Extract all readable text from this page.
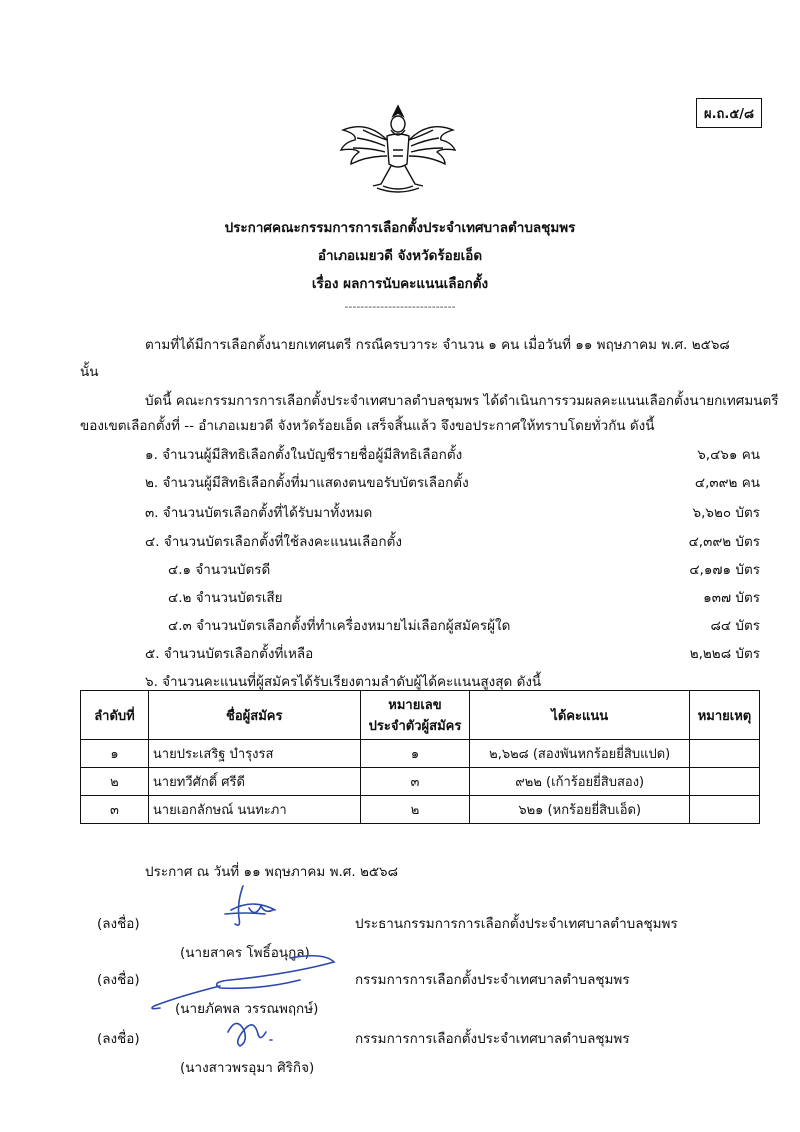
ผ.ถ.๕/๘
ประกาศคณะกรรมการการเลือกตั้งประจำเทศบาลตำบลชุมพร
อำเภอเมยวดี จังหวัดร้อยเอ็ด
เรื่อง ผลการนับคะแนนเลือกตั้ง
----------------------------
ตามที่ได้มีการเลือกตั้งนายกเทศนตรี กรณีครบวาระ จำนวน ๑ คน เมื่อวันที่ ๑๑ พฤษภาคม พ.ศ. ๒๕๖๘
นั้น
บัดนี้ คณะกรรมการการเลือกตั้งประจำเทศบาลตำบลชุมพร ได้ดำเนินการรวมผลคะแนนเลือกตั้งนายกเทศมนตรี
ของเขตเลือกตั้งที่ -- อำเภอเมยวดี จังหวัดร้อยเอ็ด เสร็จสิ้นแล้ว จึงขอประกาศให้ทราบโดยทั่วกัน ดังนี้
๑. จำนวนผู้มีสิทธิเลือกตั้งในบัญชีรายชื่อผู้มีสิทธิเลือกตั้ง	๖,๔๖๑ คน
๒. จำนวนผู้มีสิทธิเลือกตั้งที่มาแสดงตนขอรับบัตรเลือกตั้ง	๔,๓๙๒ คน
๓. จำนวนบัตรเลือกตั้งที่ได้รับมาทั้งหมด	๖,๖๒๐ บัตร
๔. จำนวนบัตรเลือกตั้งที่ใช้ลงคะแนนเลือกตั้ง	๔,๓๙๒ บัตร
๔.๑ จำนวนบัตรดี	๔,๑๗๑ บัตร
๔.๒ จำนวนบัตรเสีย	๑๓๗ บัตร
๔.๓ จำนวนบัตรเลือกตั้งที่ทำเครื่องหมายไม่เลือกผู้สมัครผู้ใด	๘๔ บัตร
๕. จำนวนบัตรเลือกตั้งที่เหลือ	๒,๒๒๘ บัตร
๖. จำนวนคะแนนที่ผู้สมัครได้รับเรียงตามลำดับผู้ได้คะแนนสูงสุด ดังนี้
ลำดับที่	ชื่อผู้สมัคร	หมายเลข
ประจำตัวผู้สมัคร	ได้คะแนน	หมายเหตุ
๑	นายประเสริฐ บำรุงรส	๑	๒,๖๒๘ (สองพันหกร้อยยี่สิบแปด)	
๒	นายทวีศักดิ์ ศรีดี	๓	๙๒๒ (เก้าร้อยยี่สิบสอง)	
๓	นายเอกลักษณ์ นนทะภา	๒	๖๒๑ (หกร้อยยี่สิบเอ็ด)	
ประกาศ ณ วันที่ ๑๑ พฤษภาคม พ.ศ. ๒๕๖๘
(ลงชื่อ)	ประธานกรรมการการเลือกตั้งประจำเทศบาลตำบลชุมพร
(นายสาคร โพธิ์อนุกูล)
(ลงชื่อ)	กรรมการการเลือกตั้งประจำเทศบาลตำบลชุมพร
(นายภัคพล วรรณพฤกษ์)
(ลงชื่อ)	กรรมการการเลือกตั้งประจำเทศบาลตำบลชุมพร
(นางสาวพรอุมา ศิริกิจ)
